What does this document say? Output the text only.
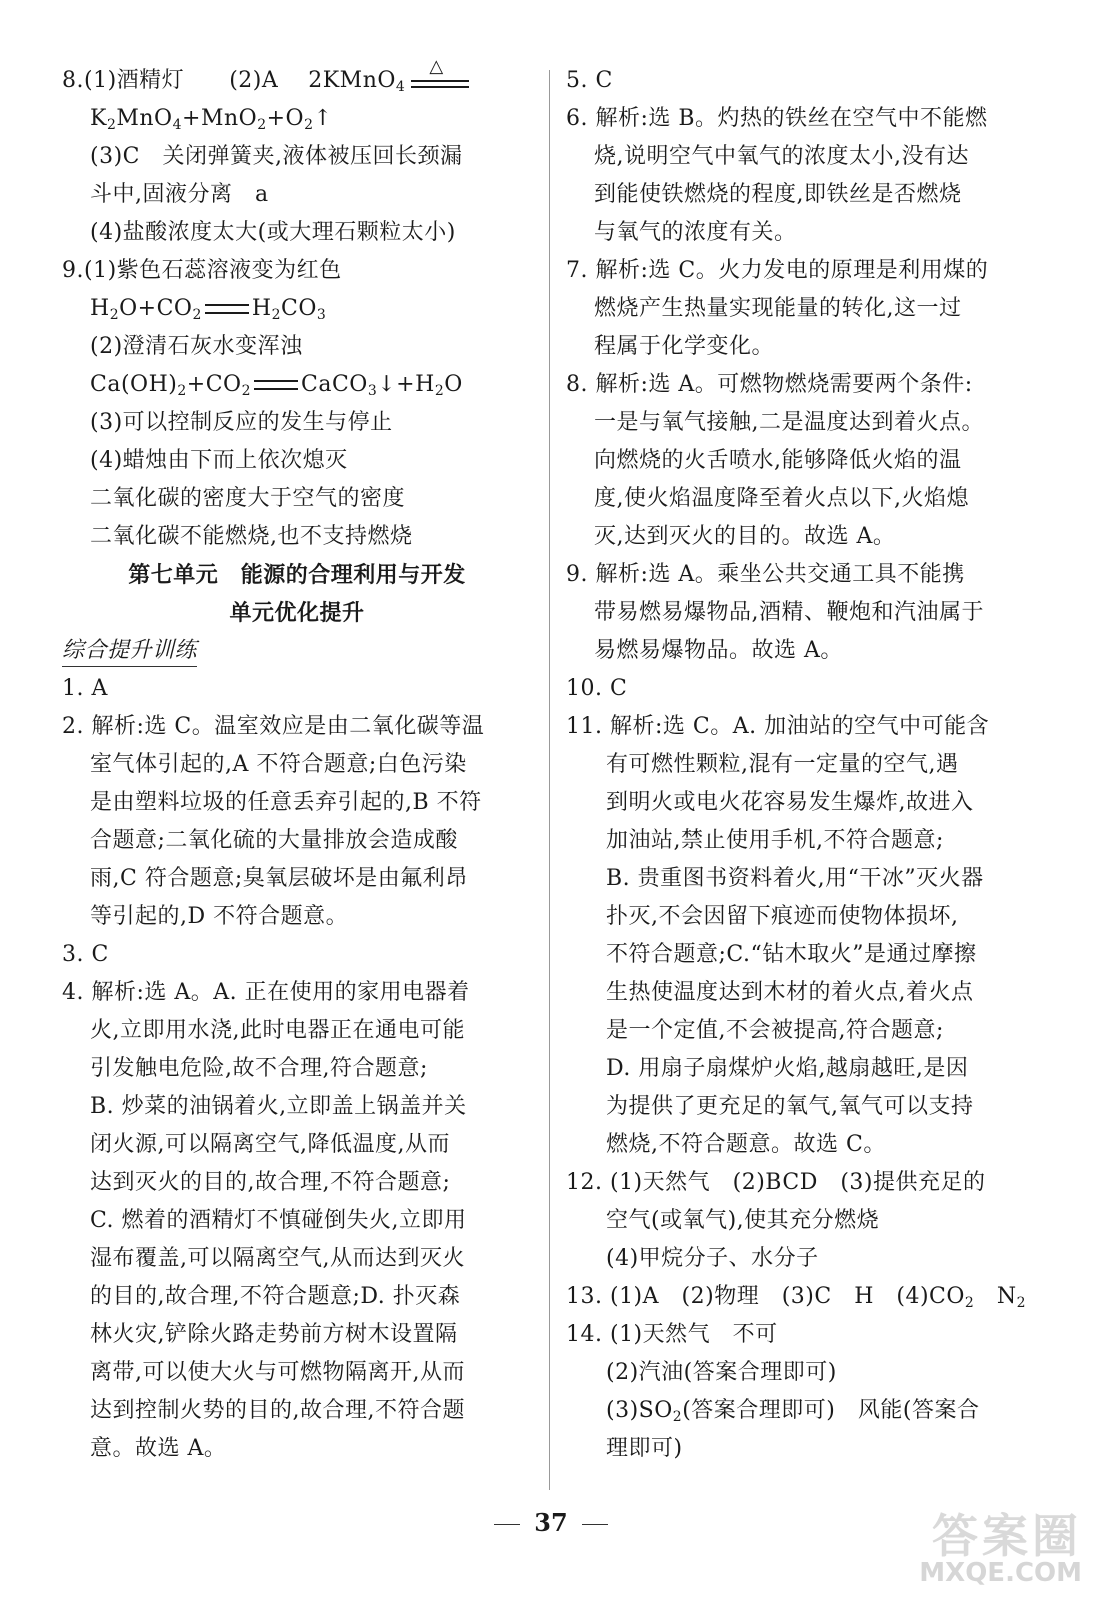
8.(1)酒精灯　　 (2)A　 2KMnO$_4$
△
$K_2MnO_4+MnO_2+O_2↑$
(3)C　关闭弹簧夹,液体被压回长颈漏
斗中,固液分离　a
(4)盐酸浓度太大(或大理石颗粒太小)
9.(1)紫色石蕊溶液变为红色
$H_2O+CO_2$ $H_2CO_3$
(2)澄清石灰水变浑浊
$Ca(OH)_2+CO_2$ $CaCO_3↓+H_2O$
(3)可以控制反应的发生与停止
(4)蜡烛由下而上依次熄灭
二氧化碳的密度大于空气的密度
二氧化碳不能燃烧,也不支持燃烧
第七单元　能源的合理利用与开发
单元优化提升
综合提升训练
1. A
2. 解析:选 C。温室效应是由二氧化碳等温
室气体引起的,A 不符合题意;白色污染
是由塑料垃圾的任意丢弃引起的,B 不符
合题意;二氧化硫的大量排放会造成酸
雨,C 符合题意;臭氧层破坏是由氟利昂
等引起的,D 不符合题意。
3. C
4. 解析:选 A。A. 正在使用的家用电器着
火,立即用水浇,此时电器正在通电可能
引发触电危险,故不合理,符合题意;
B. 炒菜的油锅着火,立即盖上锅盖并关
闭火源,可以隔离空气,降低温度,从而
达到灭火的目的,故合理,不符合题意;
C. 燃着的酒精灯不慎碰倒失火,立即用
湿布覆盖,可以隔离空气,从而达到灭火
的目的,故合理,不符合题意;D. 扑灭森
林火灾,铲除火路走势前方树木设置隔
离带,可以使大火与可燃物隔离开,从而
达到控制火势的目的,故合理,不符合题
意。故选 A。
5. C
6. 解析:选 B。灼热的铁丝在空气中不能燃
烧,说明空气中氧气的浓度太小,没有达
到能使铁燃烧的程度,即铁丝是否燃烧
与氧气的浓度有关。
7. 解析:选 C。火力发电的原理是利用煤的
燃烧产生热量实现能量的转化,这一过
程属于化学变化。
8. 解析:选 A。可燃物燃烧需要两个条件:
一是与氧气接触,二是温度达到着火点。
向燃烧的火舌喷水,能够降低火焰的温
度,使火焰温度降至着火点以下,火焰熄
灭,达到灭火的目的。故选 A。
9. 解析:选 A。乘坐公共交通工具不能携
带易燃易爆物品,酒精、鞭炮和汽油属于
易燃易爆物品。故选 A。
10. C
11. 解析:选 C。A. 加油站的空气中可能含
有可燃性颗粒,混有一定量的空气,遇
到明火或电火花容易发生爆炸,故进入
加油站,禁止使用手机,不符合题意;
B. 贵重图书资料着火,用“干冰”灭火器
扑灭,不会因留下痕迹而使物体损坏,
不符合题意;C.“钻木取火”是通过摩擦
生热使温度达到木材的着火点,着火点
是一个定值,不会被提高,符合题意;
D. 用扇子扇煤炉火焰,越扇越旺,是因
为提供了更充足的氧气,氧气可以支持
燃烧,不符合题意。故选 C。
12. (1)天然气　(2)BCD　(3)提供充足的
空气(或氧气),使其充分燃烧
(4)甲烷分子、水分子
13. (1)A　(2)物理　(3)C　H　$(4)CO_2$　$N_2$
14. (1)天然气　不可
(2)汽油(答案合理即可)
$(3)SO_2$(答案合理即可)　风能(答案合
理即可)
37	答案圈
MXQE.COM
